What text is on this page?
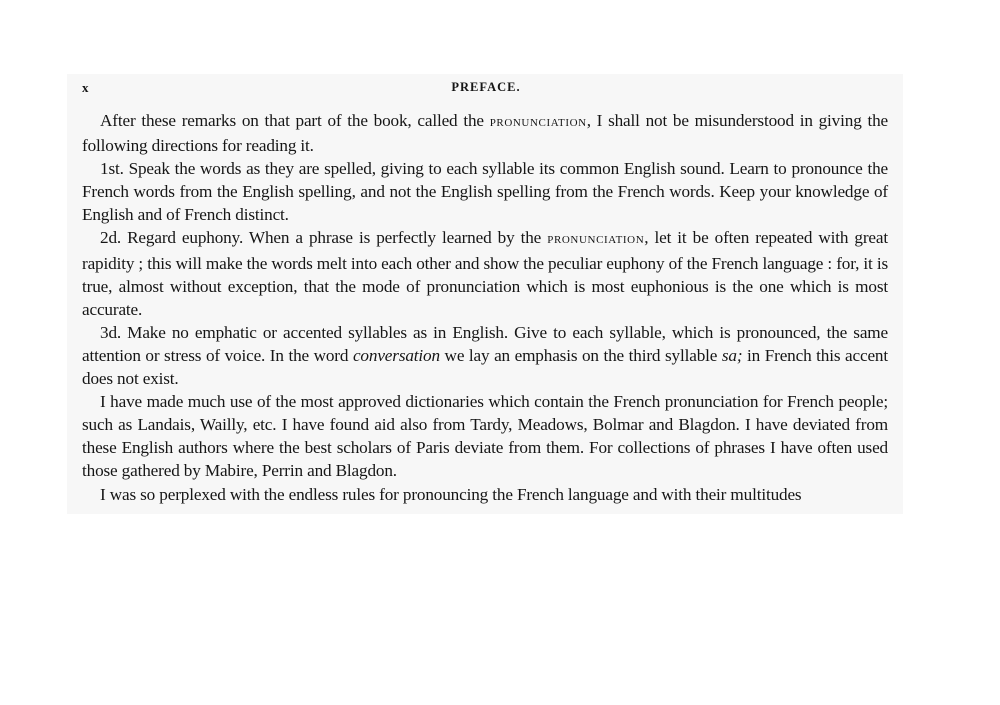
x	PREFACE.

After these remarks on that part of the book, called the pronunciation, I shall not be misunderstood in giving the following directions for reading it.

1st. Speak the words as they are spelled, giving to each syllable its common English sound. Learn to pronounce the French words from the English spelling, and not the English spelling from the French words. Keep your knowledge of English and of French distinct.

2d. Regard euphony. When a phrase is perfectly learned by the pronunciation, let it be often repeated with great rapidity ; this will make the words melt into each other and show the peculiar euphony of the French language : for, it is true, almost without exception, that the mode of pronunciation which is most euphonious is the one which is most accurate.

3d. Make no emphatic or accented syllables as in English. Give to each syllable, which is pronounced, the same attention or stress of voice. In the word conversation we lay an emphasis on the third syllable sa; in French this accent does not exist.

I have made much use of the most approved dictionaries which contain the French pronunciation for French people; such as Landais, Wailly, etc. I have found aid also from Tardy, Meadows, Bolmar and Blagdon. I have deviated from these English authors where the best scholars of Paris deviate from them. For collections of phrases I have often used those gathered by Mabire, Perrin and Blagdon.

I was so perplexed with the endless rules for pronouncing the French language and with their multitudes
